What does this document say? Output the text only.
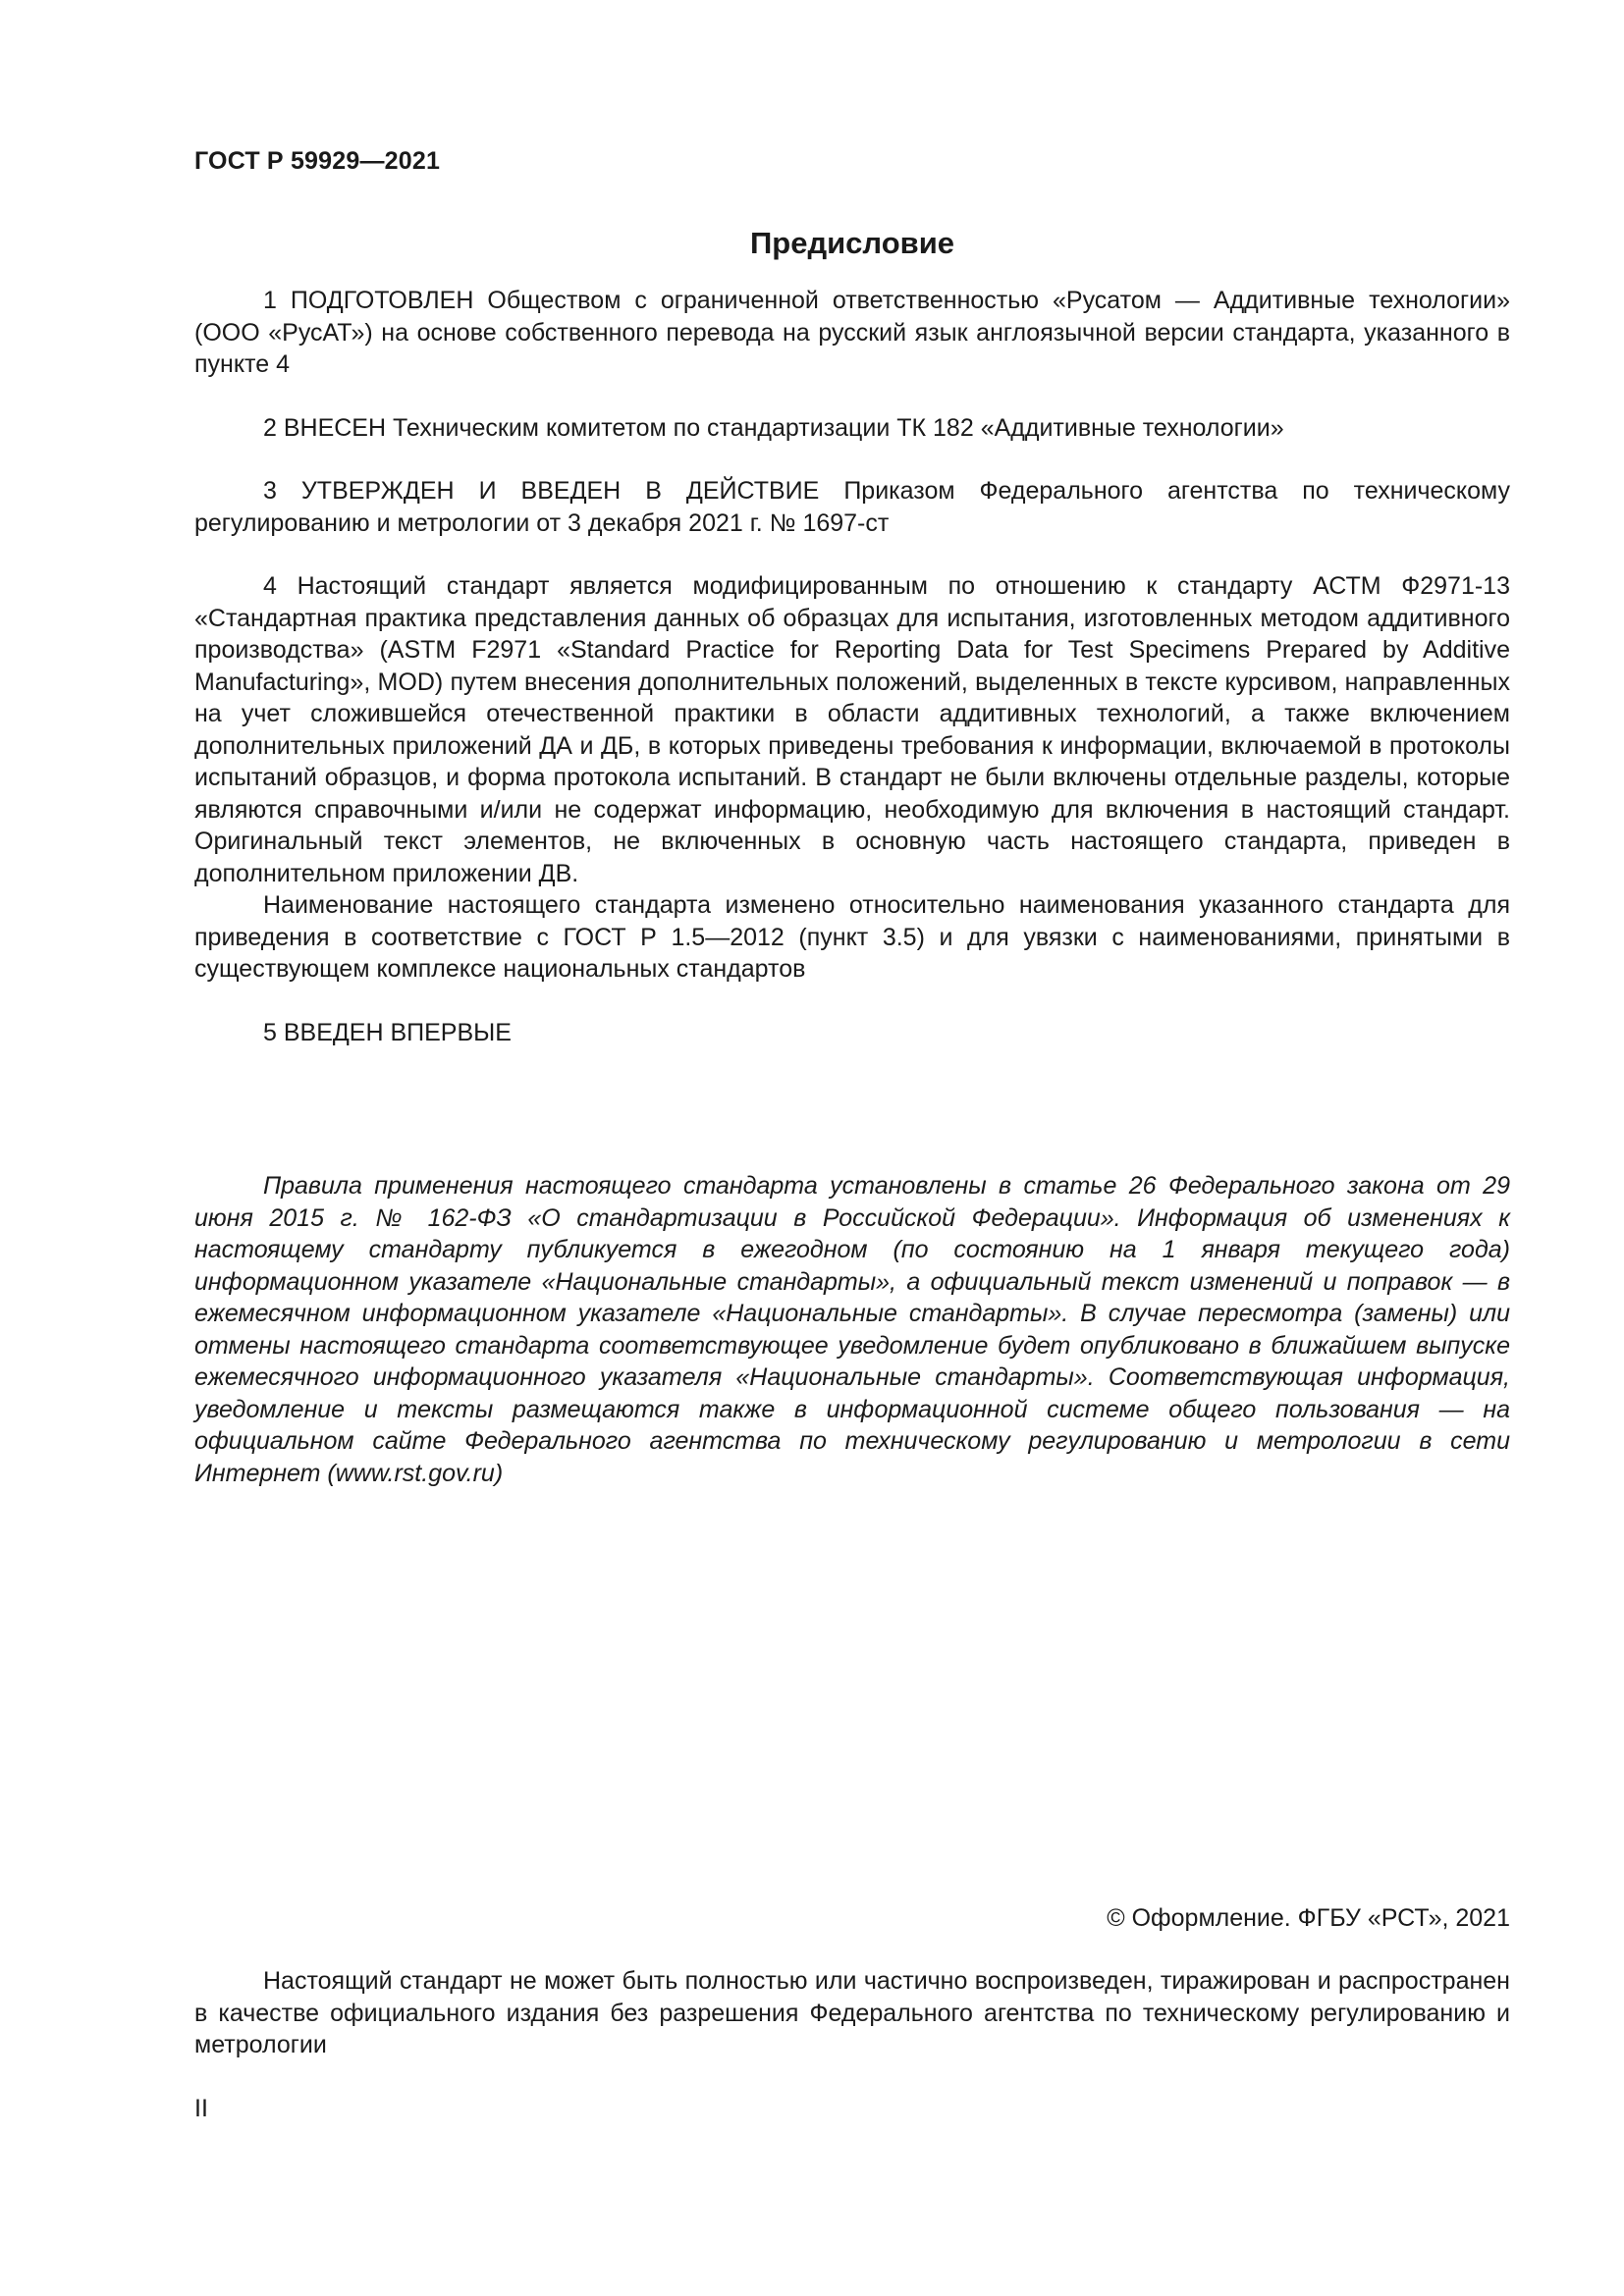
ГОСТ Р 59929—2021
Предисловие

1 ПОДГОТОВЛЕН Обществом с ограниченной ответственностью «Русатом — Аддитивные технологии» (ООО «РусАТ») на основе собственного перевода на русский язык англоязычной версии стандарта, указанного в пункте 4

2 ВНЕСЕН Техническим комитетом по стандартизации ТК 182 «Аддитивные технологии»

3 УТВЕРЖДЕН И ВВЕДЕН В ДЕЙСТВИЕ Приказом Федерального агентства по техническому регулированию и метрологии от 3 декабря 2021 г. № 1697-ст

4 Настоящий стандарт является модифицированным по отношению к стандарту АСТМ Ф2971-13 «Стандартная практика представления данных об образцах для испытания, изготовленных методом аддитивного производства» (ASTM F2971 «Standard Practice for Reporting Data for Test Specimens Prepared by Additive Manufacturing», MOD) путем внесения дополнительных положений, выделенных в тексте курсивом, направленных на учет сложившейся отечественной практики в области аддитивных технологий, а также включением дополнительных приложений ДА и ДБ, в которых приведены требования к информации, включаемой в протоколы испытаний образцов, и форма протокола испытаний. В стандарт не были включены отдельные разделы, которые являются справочными и/или не содержат информацию, необходимую для включения в настоящий стандарт. Оригинальный текст элементов, не включенных в основную часть настоящего стандарта, приведен в дополнительном приложении ДВ.

Наименование настоящего стандарта изменено относительно наименования указанного стандарта для приведения в соответствие с ГОСТ Р 1.5—2012 (пункт 3.5) и для увязки с наименованиями, принятыми в существующем комплексе национальных стандартов

5 ВВЕДЕН ВПЕРВЫЕ

Правила применения настоящего стандарта установлены в статье 26 Федерального закона от 29 июня 2015 г. № 162-ФЗ «О стандартизации в Российской Федерации». Информация об изменениях к настоящему стандарту публикуется в ежегодном (по состоянию на 1 января текущего года) информационном указателе «Национальные стандарты», а официальный текст изменений и поправок — в ежемесячном информационном указателе «Национальные стандарты». В случае пересмотра (замены) или отмены настоящего стандарта соответствующее уведомление будет опубликовано в ближайшем выпуске ежемесячного информационного указателя «Национальные стандарты». Соответствующая информация, уведомление и тексты размещаются также в информационной системе общего пользования — на официальном сайте Федерального агентства по техническому регулированию и метрологии в сети Интернет (www.rst.gov.ru)

© Оформление. ФГБУ «РСТ», 2021

Настоящий стандарт не может быть полностью или частично воспроизведен, тиражирован и распространен в качестве официального издания без разрешения Федерального агентства по техническому регулированию и метрологии

II
